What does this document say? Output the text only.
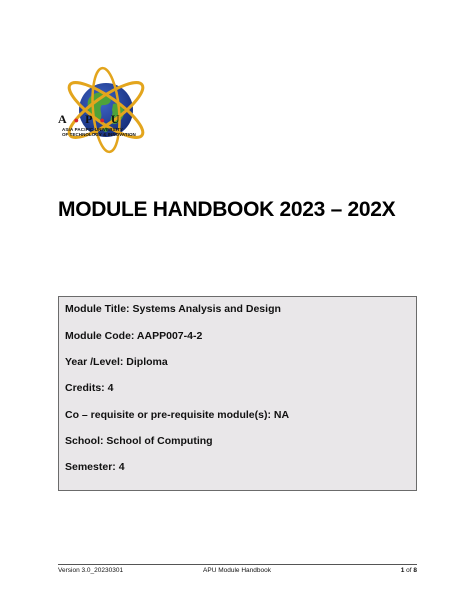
A ● P ● U
ASIA PACIFIC UNIVERSITY
OF TECHNOLOGY & INNOVATION
MODULE HANDBOOK 2023 – 202X
Module Title: Systems Analysis and Design
Module Code: AAPP007-4-2
Year /Level: Diploma
Credits: 4
Co – requisite or pre-requisite module(s): NA
School: School of Computing
Semester: 4
Version 3.0_20230301	APU Module Handbook	1 of 8
